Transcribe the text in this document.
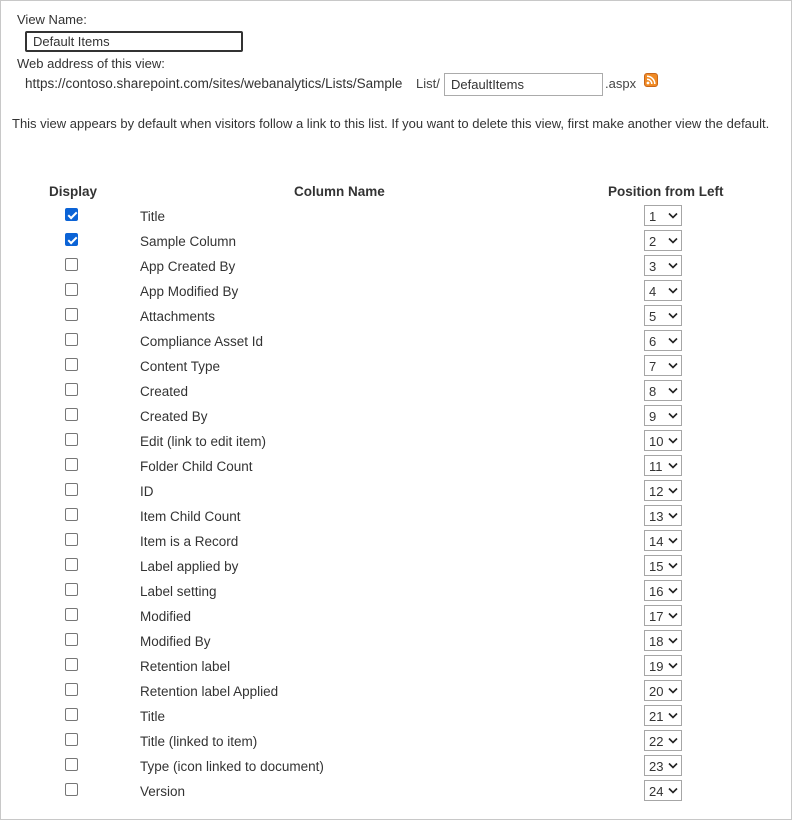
View Name:
Default Items
Web address of this view:
https://contoso.sharepoint.com/sites/webanalytics/Lists/Sample List/
DefaultItems	.aspx
This view appears by default when visitors follow a link to this list. If you want to delete this view, first make another view the default.
Display	Column Name	Position from Left
Title	1
Sample Column	2
App Created By	3
App Modified By	4
Attachments	5
Compliance Asset Id	6
Content Type	7
Created	8
Created By	9
Edit (link to edit item)	10
Folder Child Count	11
ID	12
Item Child Count	13
Item is a Record	14
Label applied by	15
Label setting	16
Modified	17
Modified By	18
Retention label	19
Retention label Applied	20
Title	21
Title (linked to item)	22
Type (icon linked to document)	23
Version	24
